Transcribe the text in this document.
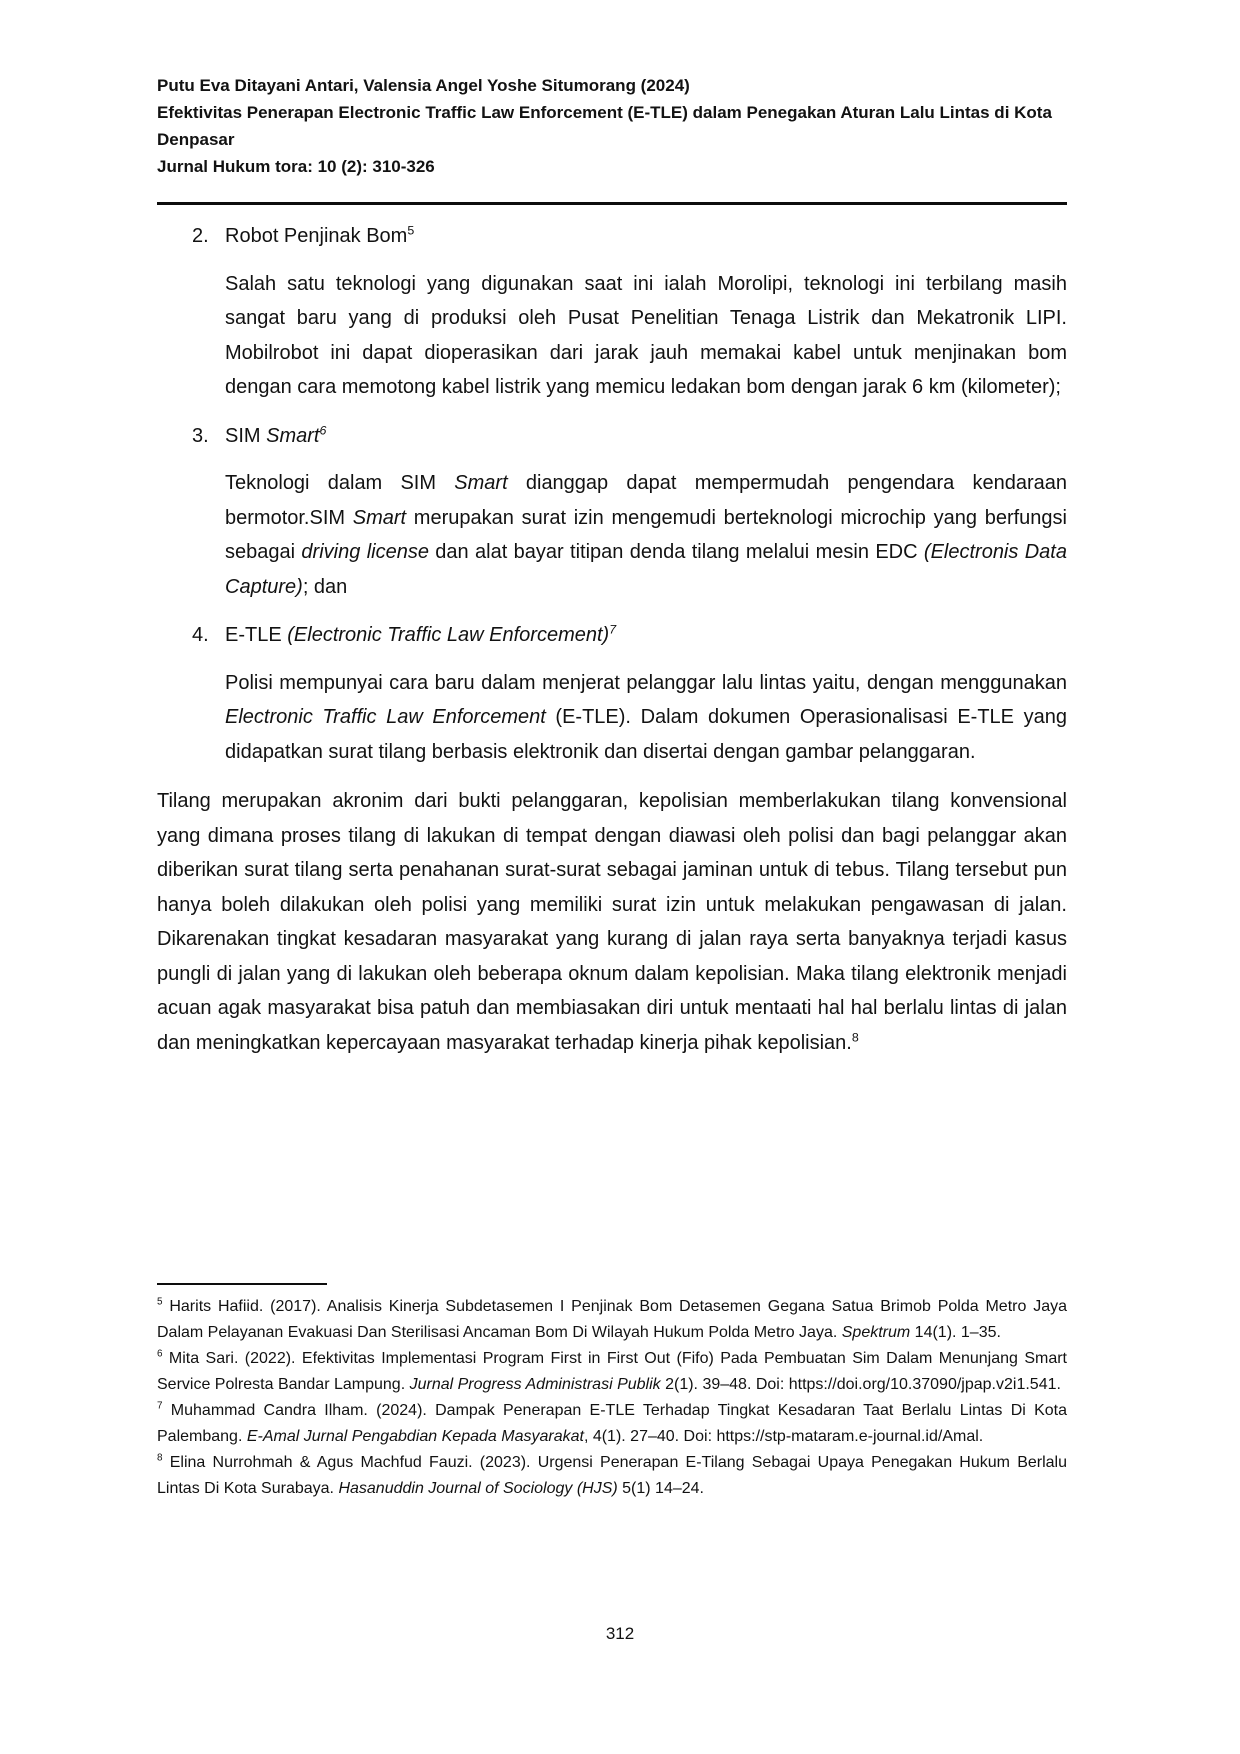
Putu Eva Ditayani Antari, Valensia Angel Yoshe Situmorang (2024)

Efektivitas Penerapan Electronic Traffic Law Enforcement (E-TLE) dalam Penegakan Aturan Lalu Lintas di Kota Denpasar

Jurnal Hukum tora: 10 (2): 310-326

2. Robot Penjinak Bom$^5$

Salah satu teknologi yang digunakan saat ini ialah Morolipi, teknologi ini terbilang masih sangat baru yang di produksi oleh Pusat Penelitian Tenaga Listrik dan Mekatronik LIPI. Mobilrobot ini dapat dioperasikan dari jarak jauh memakai kabel untuk menjinakan bom dengan cara memotong kabel listrik yang memicu ledakan bom dengan jarak 6 km (kilometer);

3. SIM Smart$^6$

Teknologi dalam SIM Smart dianggap dapat mempermudah pengendara kendaraan bermotor.SIM Smart merupakan surat izin mengemudi berteknologi microchip yang berfungsi sebagai driving license dan alat bayar titipan denda tilang melalui mesin EDC (Electronis Data Capture); dan

4. E-TLE (Electronic Traffic Law Enforcement)$^7$

Polisi mempunyai cara baru dalam menjerat pelanggar lalu lintas yaitu, dengan menggunakan Electronic Traffic Law Enforcement (E-TLE). Dalam dokumen Operasionalisasi E-TLE yang didapatkan surat tilang berbasis elektronik dan disertai dengan gambar pelanggaran.

Tilang merupakan akronim dari bukti pelanggaran, kepolisian memberlakukan tilang konvensional yang dimana proses tilang di lakukan di tempat dengan diawasi oleh polisi dan bagi pelanggar akan diberikan surat tilang serta penahanan surat-surat sebagai jaminan untuk di tebus. Tilang tersebut pun hanya boleh dilakukan oleh polisi yang memiliki surat izin untuk melakukan pengawasan di jalan. Dikarenakan tingkat kesadaran masyarakat yang kurang di jalan raya serta banyaknya terjadi kasus pungli di jalan yang di lakukan oleh beberapa oknum dalam kepolisian. Maka tilang elektronik menjadi acuan agak masyarakat bisa patuh dan membiasakan diri untuk mentaati hal hal berlalu lintas di jalan dan meningkatkan kepercayaan masyarakat terhadap kinerja pihak kepolisian.$^8$

$^5$ Harits Hafiid. (2017). Analisis Kinerja Subdetasemen I Penjinak Bom Detasemen Gegana Satua Brimob Polda Metro Jaya Dalam Pelayanan Evakuasi Dan Sterilisasi Ancaman Bom Di Wilayah Hukum Polda Metro Jaya. Spektrum 14(1). 1–35.

$^6$ Mita Sari. (2022). Efektivitas Implementasi Program First in First Out (Fifo) Pada Pembuatan Sim Dalam Menunjang Smart Service Polresta Bandar Lampung. Jurnal Progress Administrasi Publik 2(1). 39–48. Doi: https://doi.org/10.37090/jpap.v2i1.541.

$^7$ Muhammad Candra Ilham. (2024). Dampak Penerapan E-TLE Terhadap Tingkat Kesadaran Taat Berlalu Lintas Di Kota Palembang. E-Amal Jurnal Pengabdian Kepada Masyarakat, 4(1). 27–40. Doi: https://stp-mataram.e-journal.id/Amal.

$^8$ Elina Nurrohmah & Agus Machfud Fauzi. (2023). Urgensi Penerapan E-Tilang Sebagai Upaya Penegakan Hukum Berlalu Lintas Di Kota Surabaya. Hasanuddin Journal of Sociology (HJS) 5(1) 14–24.

312
